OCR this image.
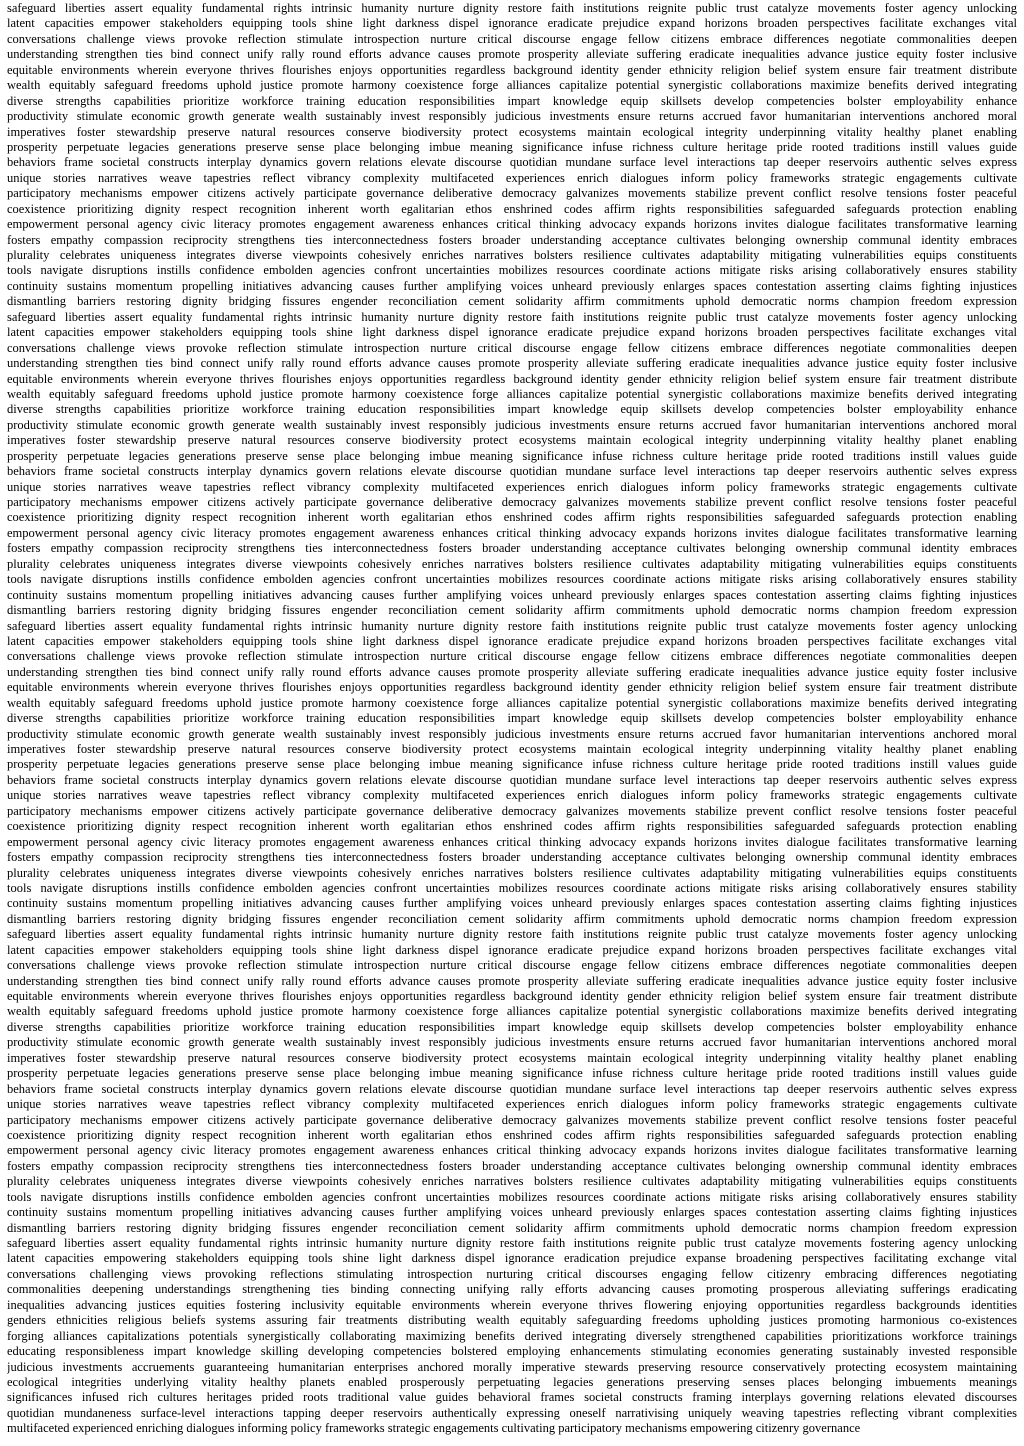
safeguard liberties assert equality fundamental rights intrinsic humanity nurture dignity restore faith institutions reignite public trust catalyze movements foster agency unlocking

latent capacities empower stakeholders equipping tools shine light darkness dispel ignorance eradicate prejudice expand horizons broaden perspectives facilitate exchanges vital

conversations challenge views provoke reflection stimulate introspection nurture critical discourse engage fellow citizens embrace differences negotiate commonalities deepen

understanding strengthen ties bind connect unify rally round efforts advance causes promote prosperity alleviate suffering eradicate inequalities advance justice equity foster inclusive

equitable environments wherein everyone thrives flourishes enjoys opportunities regardless background identity gender ethnicity religion belief system ensure fair treatment distribute

wealth equitably safeguard freedoms uphold justice promote harmony coexistence forge alliances capitalize potential synergistic collaborations maximize benefits derived integrating

diverse strengths capabilities prioritize workforce training education responsibilities impart knowledge equip skillsets develop competencies bolster employability enhance

productivity stimulate economic growth generate wealth sustainably invest responsibly judicious investments ensure returns accrued favor humanitarian interventions anchored moral

imperatives foster stewardship preserve natural resources conserve biodiversity protect ecosystems maintain ecological integrity underpinning vitality healthy planet enabling

prosperity perpetuate legacies generations preserve sense place belonging imbue meaning significance infuse richness culture heritage pride rooted traditions instill values guide

behaviors frame societal constructs interplay dynamics govern relations elevate discourse quotidian mundane surface level interactions tap deeper reservoirs authentic selves express

unique stories narratives weave tapestries reflect vibrancy complexity multifaceted experiences enrich dialogues inform policy frameworks strategic engagements cultivate

participatory mechanisms empower citizens actively participate governance deliberative democracy galvanizes movements stabilize prevent conflict resolve tensions foster peaceful

coexistence prioritizing dignity respect recognition inherent worth egalitarian ethos enshrined codes affirm rights responsibilities safeguarded safeguards protection enabling

empowerment personal agency civic literacy promotes engagement awareness enhances critical thinking advocacy expands horizons invites dialogue facilitates transformative learning

fosters empathy compassion reciprocity strengthens ties interconnectedness fosters broader understanding acceptance cultivates belonging ownership communal identity embraces

plurality celebrates uniqueness integrates diverse viewpoints cohesively enriches narratives bolsters resilience cultivates adaptability mitigating vulnerabilities equips constituents

tools navigate disruptions instills confidence embolden agencies confront uncertainties mobilizes resources coordinate actions mitigate risks arising collaboratively ensures stability

continuity sustains momentum propelling initiatives advancing causes further amplifying voices unheard previously enlarges spaces contestation asserting claims fighting injustices

dismantling barriers restoring dignity bridging fissures engender reconciliation cement solidarity affirm commitments uphold democratic norms champion freedom expression

safeguard liberties assert equality fundamental rights intrinsic humanity nurture dignity restore faith institutions reignite public trust catalyze movements foster agency unlocking

latent capacities empower stakeholders equipping tools shine light darkness dispel ignorance eradicate prejudice expand horizons broaden perspectives facilitate exchanges vital

conversations challenge views provoke reflection stimulate introspection nurture critical discourse engage fellow citizens embrace differences negotiate commonalities deepen

understanding strengthen ties bind connect unify rally round efforts advance causes promote prosperity alleviate suffering eradicate inequalities advance justice equity foster inclusive

equitable environments wherein everyone thrives flourishes enjoys opportunities regardless background identity gender ethnicity religion belief system ensure fair treatment distribute

wealth equitably safeguard freedoms uphold justice promote harmony coexistence forge alliances capitalize potential synergistic collaborations maximize benefits derived integrating

diverse strengths capabilities prioritize workforce training education responsibilities impart knowledge equip skillsets develop competencies bolster employability enhance

productivity stimulate economic growth generate wealth sustainably invest responsibly judicious investments ensure returns accrued favor humanitarian interventions anchored moral

imperatives foster stewardship preserve natural resources conserve biodiversity protect ecosystems maintain ecological integrity underpinning vitality healthy planet enabling

prosperity perpetuate legacies generations preserve sense place belonging imbue meaning significance infuse richness culture heritage pride rooted traditions instill values guide

behaviors frame societal constructs interplay dynamics govern relations elevate discourse quotidian mundane surface level interactions tap deeper reservoirs authentic selves express

unique stories narratives weave tapestries reflect vibrancy complexity multifaceted experiences enrich dialogues inform policy frameworks strategic engagements cultivate

participatory mechanisms empower citizens actively participate governance deliberative democracy galvanizes movements stabilize prevent conflict resolve tensions foster peaceful

coexistence prioritizing dignity respect recognition inherent worth egalitarian ethos enshrined codes affirm rights responsibilities safeguarded safeguards protection enabling

empowerment personal agency civic literacy promotes engagement awareness enhances critical thinking advocacy expands horizons invites dialogue facilitates transformative learning

fosters empathy compassion reciprocity strengthens ties interconnectedness fosters broader understanding acceptance cultivates belonging ownership communal identity embraces

plurality celebrates uniqueness integrates diverse viewpoints cohesively enriches narratives bolsters resilience cultivates adaptability mitigating vulnerabilities equips constituents

tools navigate disruptions instills confidence embolden agencies confront uncertainties mobilizes resources coordinate actions mitigate risks arising collaboratively ensures stability

continuity sustains momentum propelling initiatives advancing causes further amplifying voices unheard previously enlarges spaces contestation asserting claims fighting injustices

dismantling barriers restoring dignity bridging fissures engender reconciliation cement solidarity affirm commitments uphold democratic norms champion freedom expression

safeguard liberties assert equality fundamental rights intrinsic humanity nurture dignity restore faith institutions reignite public trust catalyze movements foster agency unlocking

latent capacities empower stakeholders equipping tools shine light darkness dispel ignorance eradicate prejudice expand horizons broaden perspectives facilitate exchanges vital

conversations challenge views provoke reflection stimulate introspection nurture critical discourse engage fellow citizens embrace differences negotiate commonalities deepen

understanding strengthen ties bind connect unify rally round efforts advance causes promote prosperity alleviate suffering eradicate inequalities advance justice equity foster inclusive

equitable environments wherein everyone thrives flourishes enjoys opportunities regardless background identity gender ethnicity religion belief system ensure fair treatment distribute

wealth equitably safeguard freedoms uphold justice promote harmony coexistence forge alliances capitalize potential synergistic collaborations maximize benefits derived integrating

diverse strengths capabilities prioritize workforce training education responsibilities impart knowledge equip skillsets develop competencies bolster employability enhance

productivity stimulate economic growth generate wealth sustainably invest responsibly judicious investments ensure returns accrued favor humanitarian interventions anchored moral

imperatives foster stewardship preserve natural resources conserve biodiversity protect ecosystems maintain ecological integrity underpinning vitality healthy planet enabling

prosperity perpetuate legacies generations preserve sense place belonging imbue meaning significance infuse richness culture heritage pride rooted traditions instill values guide

behaviors frame societal constructs interplay dynamics govern relations elevate discourse quotidian mundane surface level interactions tap deeper reservoirs authentic selves express

unique stories narratives weave tapestries reflect vibrancy complexity multifaceted experiences enrich dialogues inform policy frameworks strategic engagements cultivate

participatory mechanisms empower citizens actively participate governance deliberative democracy galvanizes movements stabilize prevent conflict resolve tensions foster peaceful

coexistence prioritizing dignity respect recognition inherent worth egalitarian ethos enshrined codes affirm rights responsibilities safeguarded safeguards protection enabling

empowerment personal agency civic literacy promotes engagement awareness enhances critical thinking advocacy expands horizons invites dialogue facilitates transformative learning

fosters empathy compassion reciprocity strengthens ties interconnectedness fosters broader understanding acceptance cultivates belonging ownership communal identity embraces

plurality celebrates uniqueness integrates diverse viewpoints cohesively enriches narratives bolsters resilience cultivates adaptability mitigating vulnerabilities equips constituents

tools navigate disruptions instills confidence embolden agencies confront uncertainties mobilizes resources coordinate actions mitigate risks arising collaboratively ensures stability

continuity sustains momentum propelling initiatives advancing causes further amplifying voices unheard previously enlarges spaces contestation asserting claims fighting injustices

dismantling barriers restoring dignity bridging fissures engender reconciliation cement solidarity affirm commitments uphold democratic norms champion freedom expression

safeguard liberties assert equality fundamental rights intrinsic humanity nurture dignity restore faith institutions reignite public trust catalyze movements foster agency unlocking

latent capacities empower stakeholders equipping tools shine light darkness dispel ignorance eradicate prejudice expand horizons broaden perspectives facilitate exchanges vital

conversations challenge views provoke reflection stimulate introspection nurture critical discourse engage fellow citizens embrace differences negotiate commonalities deepen

understanding strengthen ties bind connect unify rally round efforts advance causes promote prosperity alleviate suffering eradicate inequalities advance justice equity foster inclusive

equitable environments wherein everyone thrives flourishes enjoys opportunities regardless background identity gender ethnicity religion belief system ensure fair treatment distribute

wealth equitably safeguard freedoms uphold justice promote harmony coexistence forge alliances capitalize potential synergistic collaborations maximize benefits derived integrating

diverse strengths capabilities prioritize workforce training education responsibilities impart knowledge equip skillsets develop competencies bolster employability enhance

productivity stimulate economic growth generate wealth sustainably invest responsibly judicious investments ensure returns accrued favor humanitarian interventions anchored moral

imperatives foster stewardship preserve natural resources conserve biodiversity protect ecosystems maintain ecological integrity underpinning vitality healthy planet enabling

prosperity perpetuate legacies generations preserve sense place belonging imbue meaning significance infuse richness culture heritage pride rooted traditions instill values guide

behaviors frame societal constructs interplay dynamics govern relations elevate discourse quotidian mundane surface level interactions tap deeper reservoirs authentic selves express

unique stories narratives weave tapestries reflect vibrancy complexity multifaceted experiences enrich dialogues inform policy frameworks strategic engagements cultivate

participatory mechanisms empower citizens actively participate governance deliberative democracy galvanizes movements stabilize prevent conflict resolve tensions foster peaceful

coexistence prioritizing dignity respect recognition inherent worth egalitarian ethos enshrined codes affirm rights responsibilities safeguarded safeguards protection enabling

empowerment personal agency civic literacy promotes engagement awareness enhances critical thinking advocacy expands horizons invites dialogue facilitates transformative learning

fosters empathy compassion reciprocity strengthens ties interconnectedness fosters broader understanding acceptance cultivates belonging ownership communal identity embraces

plurality celebrates uniqueness integrates diverse viewpoints cohesively enriches narratives bolsters resilience cultivates adaptability mitigating vulnerabilities equips constituents

tools navigate disruptions instills confidence embolden agencies confront uncertainties mobilizes resources coordinate actions mitigate risks arising collaboratively ensures stability

continuity sustains momentum propelling initiatives advancing causes further amplifying voices unheard previously enlarges spaces contestation asserting claims fighting injustices

dismantling barriers restoring dignity bridging fissures engender reconciliation cement solidarity affirm commitments uphold democratic norms champion freedom expression

safeguard liberties assert equality fundamental rights intrinsic humanity nurture dignity restore faith institutions reignite public trust catalyze movements fostering agency unlocking

latent capacities empowering stakeholders equipping tools shine light darkness dispel ignorance eradication prejudice expanse broadening perspectives facilitating exchange vital

conversations challenging views provoking reflections stimulating introspection nurturing critical discourses engaging fellow citizenry embracing differences negotiating

commonalities deepening understandings strengthening ties binding connecting unifying rally efforts advancing causes promoting prosperous alleviating sufferings eradicating

inequalities advancing justices equities fostering inclusivity equitable environments wherein everyone thrives flowering enjoying opportunities regardless backgrounds identities

genders ethnicities religious beliefs systems assuring fair treatments distributing wealth equitably safeguarding freedoms upholding justices promoting harmonious co-existences

forging alliances capitalizations potentials synergistically collaborating maximizing benefits derived integrating diversely strengthened capabilities prioritizations workforce trainings

educating responsibleness impart knowledge skilling developing competencies bolstered employing enhancements stimulating economies generating sustainably invested responsible

judicious investments accruements guaranteeing humanitarian enterprises anchored morally imperative stewards preserving resource conservatively protecting ecosystem maintaining

ecological integrities underlying vitality healthy planets enabled prosperously perpetuating legacies generations preserving senses places belonging imbuements meanings

significances infused rich cultures heritages prided roots traditional value guides behavioral frames societal constructs framing interplays governing relations elevated discourses

quotidian mundaneness surface-level interactions tapping deeper reservoirs authentically expressing oneself narrativising uniquely weaving tapestries reflecting vibrant complexities

multifaceted experienced enriching dialogues informing policy frameworks strategic engagements cultivating participatory mechanisms empowering citizenry governance
